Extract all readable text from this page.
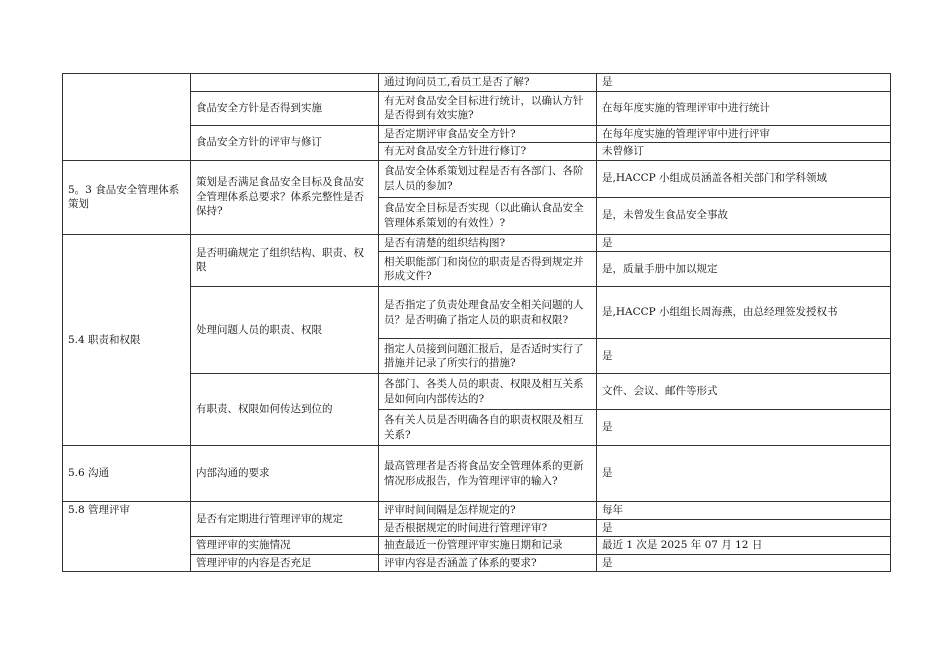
		通过询问员工,看员工是否了解?	是
	食品安全方针是否得到实施	有无对食品安全目标进行统计，以确认方针是否得到有效实施?	在每年度实施的管理评审中进行统计
	食品安全方针的评审与修订	是否定期评审食品安全方针?	在每年度实施的管理评审中进行评审
		有无对食品安全方针进行修订?	未曾修订
5。3 食品安全管理体系策划	策划是否满足食品安全目标及食品安全管理体系总要求？体系完整性是否保持?	食品安全体系策划过程是否有各部门、各阶层人员的参加?	是,HACCP 小组成员涵盖各相关部门和学科领域
		食品安全目标是否实现（以此确认食品安全管理体系策划的有效性）?	是，未曾发生食品安全事故
5.4 职责和权限	是否明确规定了组织结构、职责、权限	是否有清楚的组织结构图?	是
		相关职能部门和岗位的职责是否得到规定并形成文件?	是，质量手册中加以规定
	处理问题人员的职责、权限	是否指定了负责处理食品安全相关问题的人员？是否明确了指定人员的职责和权限?	是,HACCP 小组组长周海燕，由总经理签发授权书
		指定人员接到问题汇报后，是否适时实行了措施并记录了所实行的措施?	是
	有职责、权限如何传达到位的	各部门、各类人员的职责、权限及相互关系是如何向内部传达的?	文件、会议、邮件等形式
		各有关人员是否明确各自的职责权限及相互关系?	是
5.6 沟通	内部沟通的要求	最高管理者是否将食品安全管理体系的更新情况形成报告，作为管理评审的输入?	是
5.8 管理评审	是否有定期进行管理评审的规定	评审时间间隔是怎样规定的?	每年
		是否根据规定的时间进行管理评审?	是
	管理评审的实施情况	抽查最近一份管理评审实施日期和记录	最近 1 次是 2025 年 07 月 12 日
	管理评审的内容是否充足	评审内容是否涵盖了体系的要求?	是
